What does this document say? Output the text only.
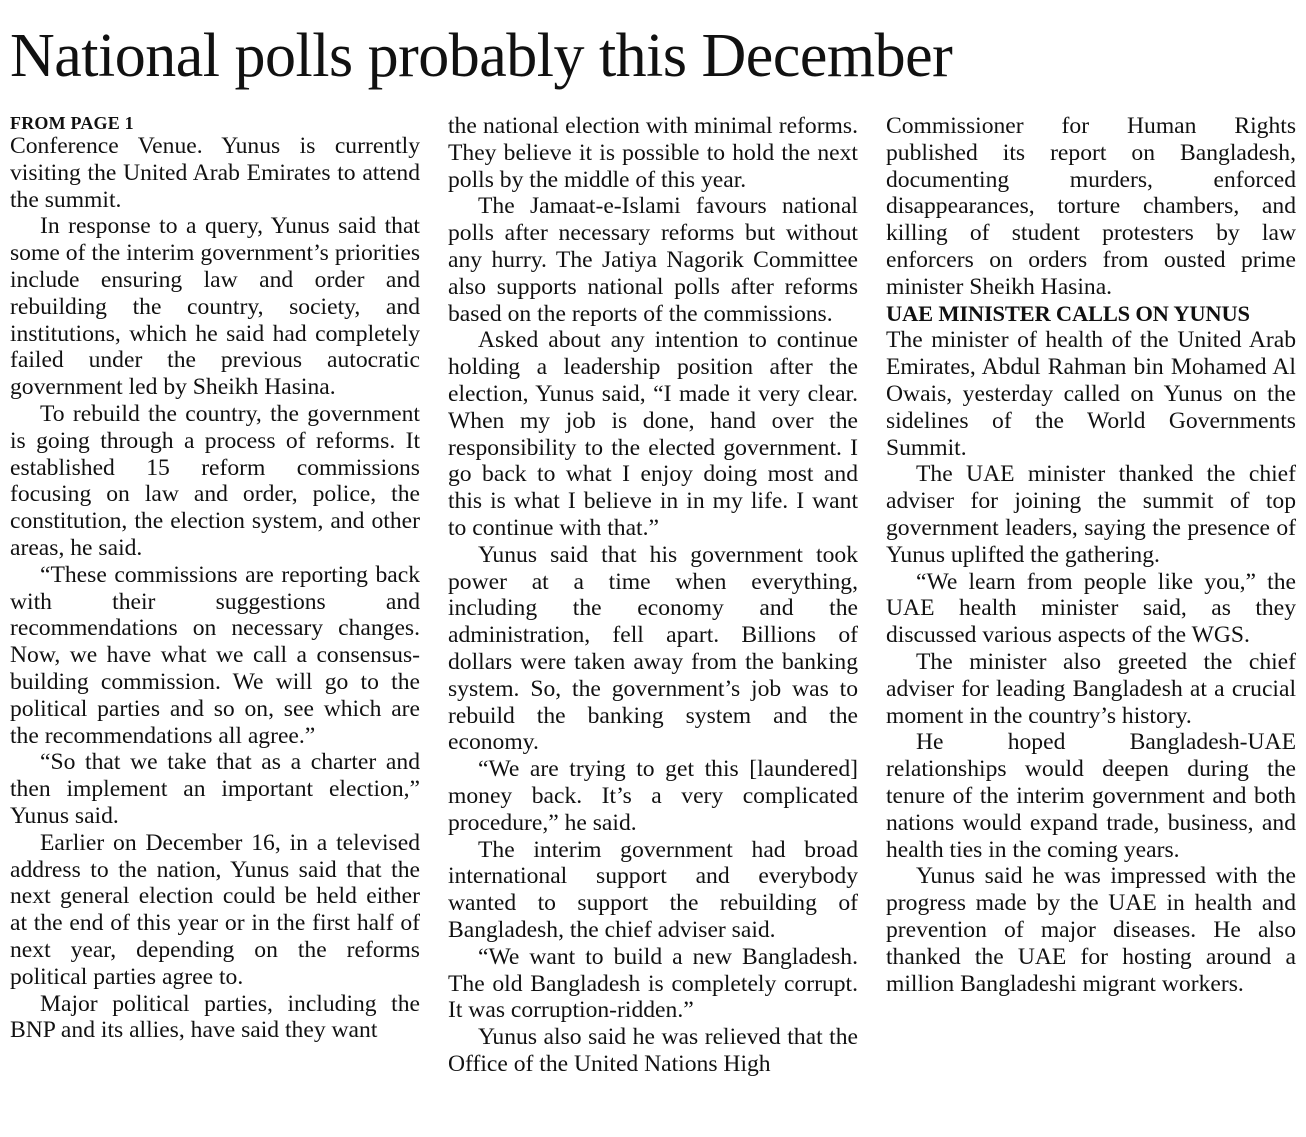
National polls probably this December
FROM PAGE 1

Conference Venue. Yunus is currently visiting the United Arab Emirates to attend the summit.

In response to a query, Yunus said that some of the interim government’s priorities include ensuring law and order and rebuilding the country, society, and institutions, which he said had completely failed under the previous autocratic government led by Sheikh Hasina.

To rebuild the country, the government is going through a process of reforms. It established 15 reform commissions focusing on law and order, police, the constitution, the election system, and other areas, he said.

“These commissions are reporting back with their suggestions and recommendations on necessary changes. Now, we have what we call a consensus-building commission. We will go to the political parties and so on, see which are the recommendations all agree.”

“So that we take that as a charter and then implement an important election,” Yunus said.

Earlier on December 16, in a televised address to the nation, Yunus said that the next general election could be held either at the end of this year or in the first half of next year, depending on the reforms political parties agree to.

Major political parties, including the BNP and its allies, have said they want

the national election with minimal reforms. They believe it is possible to hold the next polls by the middle of this year.

The Jamaat-e-Islami favours national polls after necessary reforms but without any hurry. The Jatiya Nagorik Committee also supports national polls after reforms based on the reports of the commissions.

Asked about any intention to continue holding a leadership position after the election, Yunus said, “I made it very clear. When my job is done, hand over the responsibility to the elected government. I go back to what I enjoy doing most and this is what I believe in in my life. I want to continue with that.”

Yunus said that his government took power at a time when everything, including the economy and the administration, fell apart. Billions of dollars were taken away from the banking system. So, the government’s job was to rebuild the banking system and the economy.

“We are trying to get this [laundered] money back. It’s a very complicated procedure,” he said.

The interim government had broad international support and everybody wanted to support the rebuilding of Bangladesh, the chief adviser said.

“We want to build a new Bangladesh. The old Bangladesh is completely corrupt. It was corruption-ridden.”

Yunus also said he was relieved that the Office of the United Nations High

Commissioner for Human Rights published its report on Bangladesh, documenting murders, enforced disappearances, torture chambers, and killing of student protesters by law enforcers on orders from ousted prime minister Sheikh Hasina.

UAE MINISTER CALLS ON YUNUS

The minister of health of the United Arab Emirates, Abdul Rahman bin Mohamed Al Owais, yesterday called on Yunus on the sidelines of the World Governments Summit.

The UAE minister thanked the chief adviser for joining the summit of top government leaders, saying the presence of Yunus uplifted the gathering.

“We learn from people like you,” the UAE health minister said, as they discussed various aspects of the WGS.

The minister also greeted the chief adviser for leading Bangladesh at a crucial moment in the country’s history.

He hoped Bangladesh-UAE relationships would deepen during the tenure of the interim government and both nations would expand trade, business, and health ties in the coming years.

Yunus said he was impressed with the progress made by the UAE in health and prevention of major diseases. He also thanked the UAE for hosting around a million Bangladeshi migrant workers.
